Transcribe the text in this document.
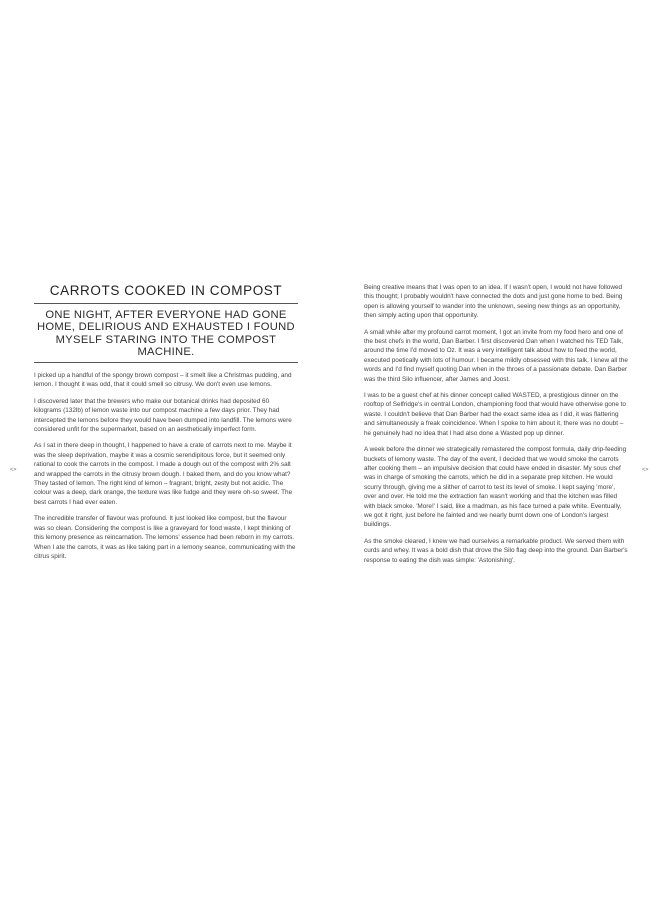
CARROTS COOKED IN COMPOST
ONE NIGHT, AFTER EVERYONE HAD GONE HOME, DELIRIOUS AND EXHAUSTED I FOUND MYSELF STARING INTO THE COMPOST MACHINE.

I picked up a handful of the spongy brown compost – it smelt like a Christmas pudding, and lemon. I thought it was odd, that it could smell so citrusy. We don't even use lemons.

I discovered later that the brewers who make our botanical drinks had deposited 60 kilograms (132lb) of lemon waste into our compost machine a few days prior. They had intercepted the lemons before they would have been dumped into landfill. The lemons were considered unfit for the supermarket, based on an aesthetically imperfect form.

As I sat in there deep in thought, I happened to have a crate of carrots next to me. Maybe it was the sleep deprivation, maybe it was a cosmic serendipitous force, but it seemed only rational to cook the carrots in the compost. I made a dough out of the compost with 2% salt and wrapped the carrots in the citrusy brown dough. I baked them, and do you know what? They tasted of lemon. The right kind of lemon – fragrant, bright, zesty but not acidic. The colour was a deep, dark orange, the texture was like fudge and they were oh-so sweet. The best carrots I had ever eaten.

The incredible transfer of flavour was profound. It just looked like compost, but the flavour was so clean. Considering the compost is like a graveyard for food waste, I kept thinking of this lemony presence as reincarnation. The lemons' essence had been reborn in my carrots. When I ate the carrots, it was as like taking part in a lemony seance, communicating with the citrus spirit.

<>

Being creative means that I was open to an idea. If I wasn't open, I would not have followed this thought; I probably wouldn't have connected the dots and just gone home to bed. Being open is allowing yourself to wander into the unknown, seeing new things as an opportunity, then simply acting upon that opportunity.

A small while after my profound carrot moment, I got an invite from my food hero and one of the best chefs in the world, Dan Barber. I first discovered Dan when I watched his TED Talk, around the time I'd moved to Oz. It was a very intelligent talk about how to feed the world, executed poetically with lots of humour. I became mildly obsessed with this talk. I knew all the words and I'd find myself quoting Dan when in the throes of a passionate debate. Dan Barber was the third Silo influencer, after James and Joost.

I was to be a guest chef at his dinner concept called WASTED, a prestigious dinner on the rooftop of Selfridge's in central London, championing food that would have otherwise gone to waste. I couldn't believe that Dan Barber had the exact same idea as I did, it was flattering and simultaneously a freak coincidence. When I spoke to him about it, there was no doubt – he genuinely had no idea that I had also done a Wasted pop up dinner.

A week before the dinner we strategically remastered the compost formula, daily drip-feeding buckets of lemony waste. The day of the event, I decided that we would smoke the carrots after cooking them – an impulsive decision that could have ended in disaster. My sous chef was in charge of smoking the carrots, which he did in a separate prep kitchen. He would scurry through, giving me a slither of carrot to test its level of smoke. I kept saying 'more', over and over. He told me the extraction fan wasn't working and that the kitchen was filled with black smoke. 'More!' I said, like a madman, as his face turned a pale white. Eventually, we got it right, just before he fainted and we nearly burnt down one of London's largest buildings.

As the smoke cleared, I knew we had ourselves a remarkable product. We served them with curds and whey. It was a bold dish that drove the Silo flag deep into the ground. Dan Barber's response to eating the dish was simple: 'Astonishing'.

<>
